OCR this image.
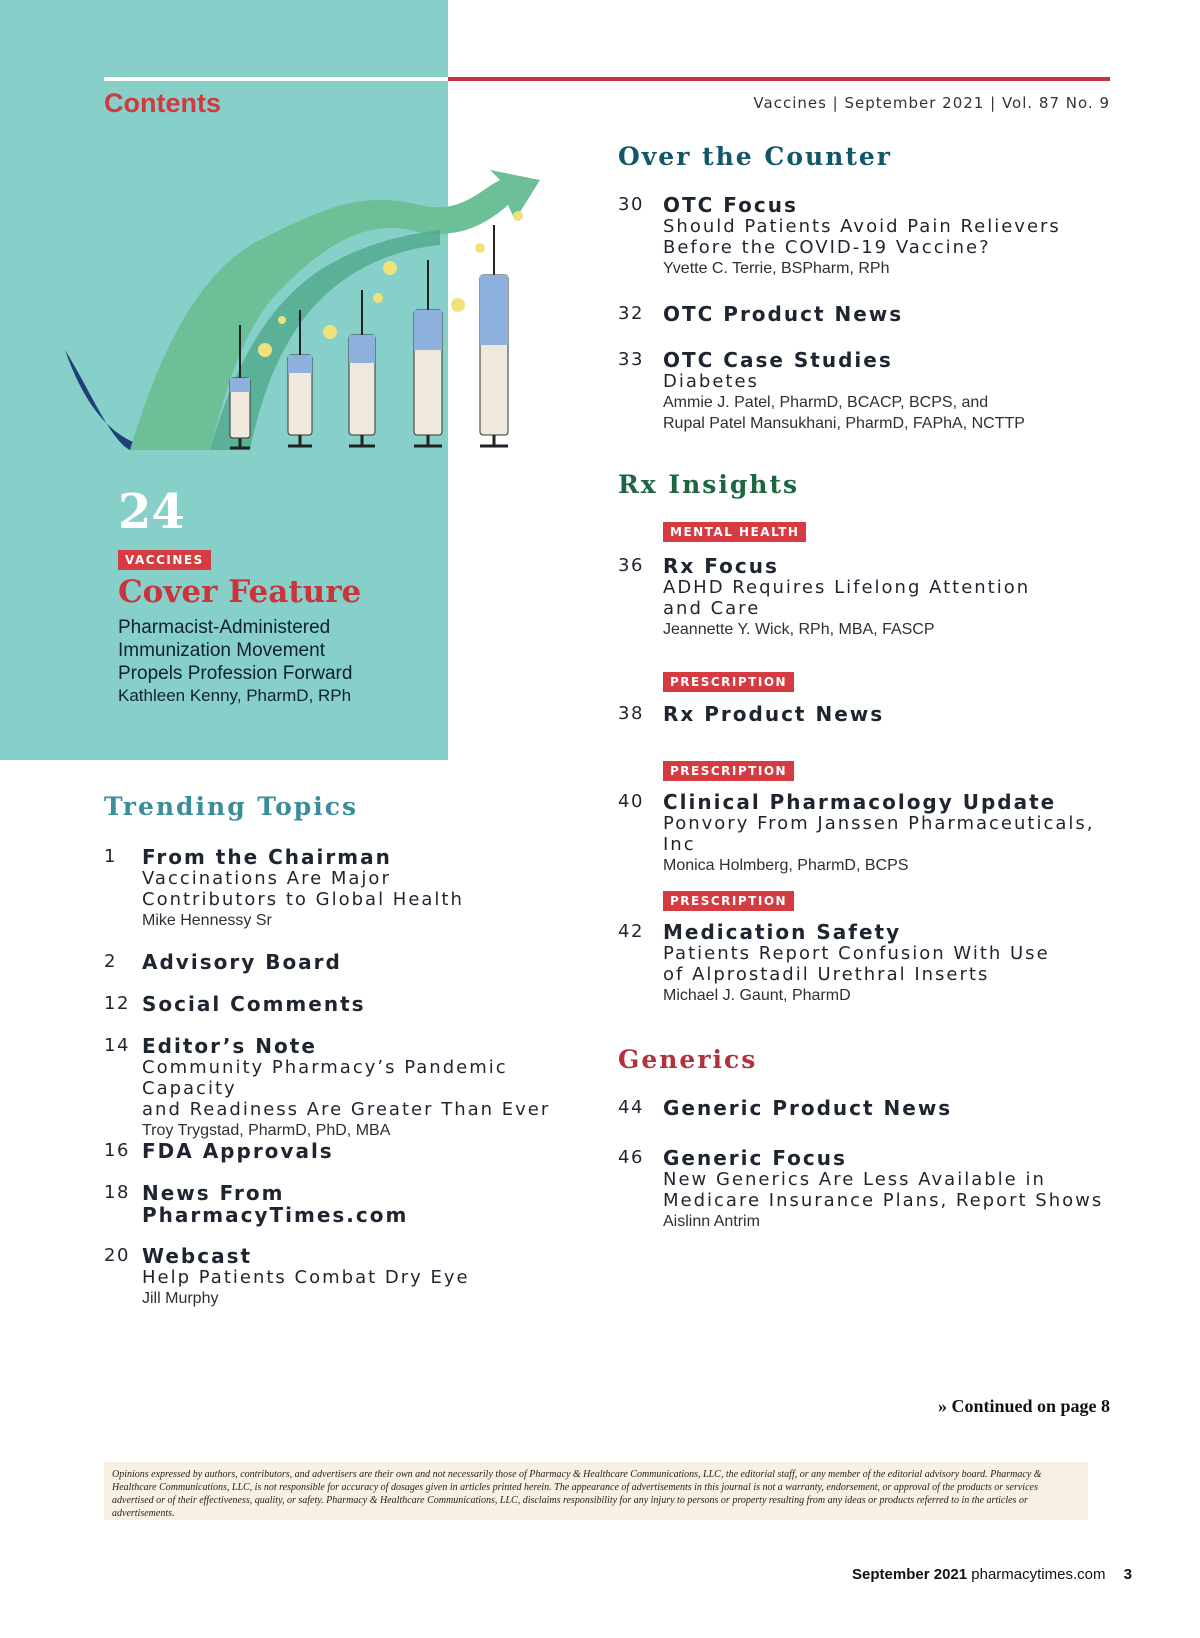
Contents	Vaccines | September 2021 | Vol. 87 No. 9
24
VACCINES
Cover Feature
Pharmacist-Administered
Immunization Movement
Propels Profession Forward
Kathleen Kenny, PharmD, RPh
Trending Topics
1 From the Chairman
Vaccinations Are Major
Contributors to Global Health
Mike Hennessy Sr
2 Advisory Board
12 Social Comments
14 Editor’s Note
Community Pharmacy’s Pandemic Capacity
and Readiness Are Greater Than Ever
Troy Trygstad, PharmD, PhD, MBA
16 FDA Approvals
18 News From
PharmacyTimes.com
20 Webcast
Help Patients Combat Dry Eye
Jill Murphy
Over the Counter
30 OTC Focus
Should Patients Avoid Pain Relievers
Before the COVID-19 Vaccine?
Yvette C. Terrie, BSPharm, RPh
32 OTC Product News
33 OTC Case Studies
Diabetes
Ammie J. Patel, PharmD, BCACP, BCPS, and
Rupal Patel Mansukhani, PharmD, FAPhA, NCTTP
Rx Insights
MENTAL HEALTH
36 Rx Focus
ADHD Requires Lifelong Attention
and Care
Jeannette Y. Wick, RPh, MBA, FASCP
PRESCRIPTION
38 Rx Product News
PRESCRIPTION
40 Clinical Pharmacology Update
Ponvory From Janssen Pharmaceuticals, Inc
Monica Holmberg, PharmD, BCPS
PRESCRIPTION
42 Medication Safety
Patients Report Confusion With Use
of Alprostadil Urethral Inserts
Michael J. Gaunt, PharmD
Generics
44 Generic Product News
46 Generic Focus
New Generics Are Less Available in
Medicare Insurance Plans, Report Shows
Aislinn Antrim
» Continued on page 8
Opinions expressed by authors, contributors, and advertisers are their own and not necessarily those of Pharmacy & Healthcare Communications, LLC, the editorial staff, or any member of the editorial advisory board. Pharmacy & Healthcare Communications, LLC, is not responsible for accuracy of dosages given in articles printed herein. The appearance of advertisements in this journal is not a warranty, endorsement, or approval of the products or services advertised or of their effectiveness, quality, or safety. Pharmacy & Healthcare Communications, LLC, disclaims responsibility for any injury to persons or property resulting from any ideas or products referred to in the articles or advertisements.
September 2021 pharmacytimes.com 3
